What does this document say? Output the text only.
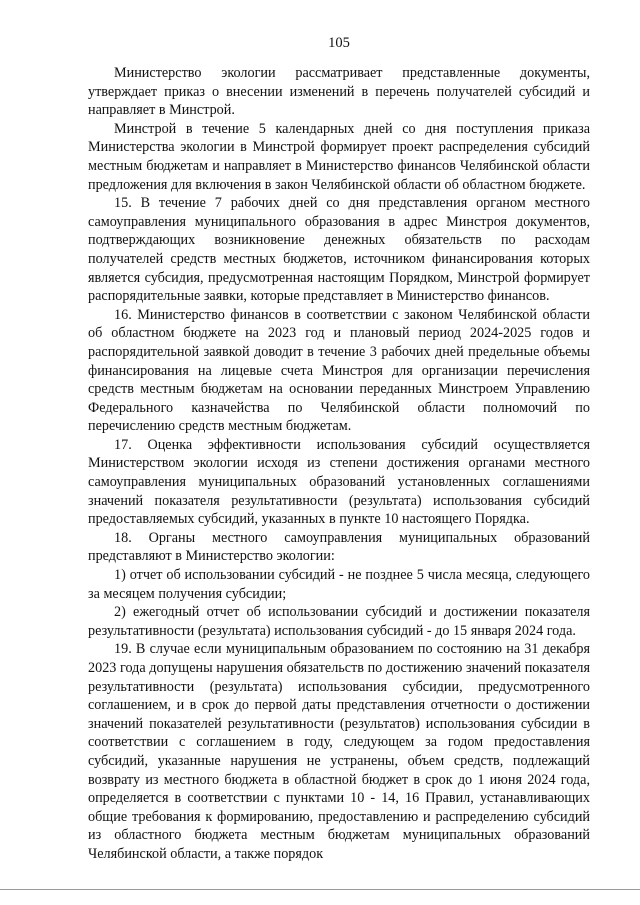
105

Министерство экологии рассматривает представленные документы, утверждает приказ о внесении изменений в перечень получателей субсидий и направляет в Минстрой.

Минстрой в течение 5 календарных дней со дня поступления приказа Министерства экологии в Минстрой формирует проект распределения субсидий местным бюджетам и направляет в Министерство финансов Челябинской области предложения для включения в закон Челябинской области об областном бюджете.

15. В течение 7 рабочих дней со дня представления органом местного самоуправления муниципального образования в адрес Минстроя документов, подтверждающих возникновение денежных обязательств по расходам получателей средств местных бюджетов, источником финансирования которых является субсидия, предусмотренная настоящим Порядком, Минстрой формирует распорядительные заявки, которые представляет в Министерство финансов.

16. Министерство финансов в соответствии с законом Челябинской области об областном бюджете на 2023 год и плановый период 2024-2025 годов и распорядительной заявкой доводит в течение 3 рабочих дней предельные объемы финансирования на лицевые счета Минстроя для организации перечисления средств местным бюджетам на основании переданных Минстроем Управлению Федерального казначейства по Челябинской области полномочий по перечислению средств местным бюджетам.

17. Оценка эффективности использования субсидий осуществляется Министерством экологии исходя из степени достижения органами местного самоуправления муниципальных образований установленных соглашениями значений показателя результативности (результата) использования субсидий предоставляемых субсидий, указанных в пункте 10 настоящего Порядка.

18. Органы местного самоуправления муниципальных образований представляют в Министерство экологии:

1) отчет об использовании субсидий - не позднее 5 числа месяца, следующего за месяцем получения субсидии;

2) ежегодный отчет об использовании субсидий и достижении показателя результативности (результата) использования субсидий - до 15 января 2024 года.

19. В случае если муниципальным образованием по состоянию на 31 декабря 2023 года допущены нарушения обязательств по достижению значений показателя результативности (результата) использования субсидии, предусмотренного соглашением, и в срок до первой даты представления отчетности о достижении значений показателей результативности (результатов) использования субсидии в соответствии с соглашением в году, следующем за годом предоставления субсидий, указанные нарушения не устранены, объем средств, подлежащий возврату из местного бюджета в областной бюджет в срок до 1 июня 2024 года, определяется в соответствии с пунктами 10 - 14, 16 Правил, устанавливающих общие требования к формированию, предоставлению и распределению субсидий из областного бюджета местным бюджетам муниципальных образований Челябинской области, а также порядок
